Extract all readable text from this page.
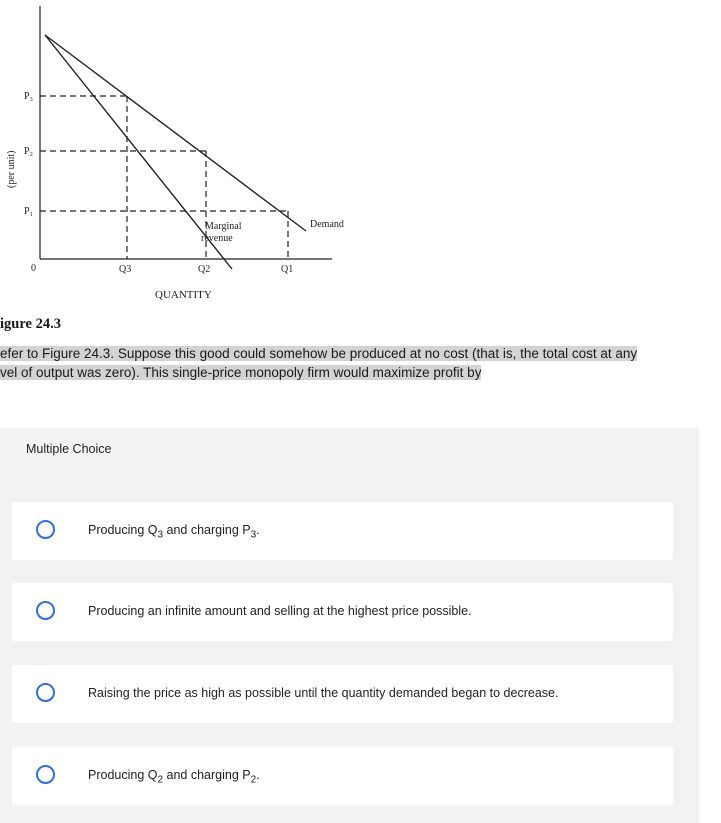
(per unit)
P₃
P₂
P₁
0	Q3	Q2	Q1
QUANTITY
Marginal
revenue
Demand
igure 24.3
efer to Figure 24.3. Suppose this good could somehow be produced at no cost (that is, the total cost at any
vel of output was zero). This single-price monopoly firm would maximize profit by
Multiple Choice
Producing $Q_3$ and charging $P_3$.
Producing an infinite amount and selling at the highest price possible.
Raising the price as high as possible until the quantity demanded began to decrease.
Producing $Q_2$ and charging $P_2$.
